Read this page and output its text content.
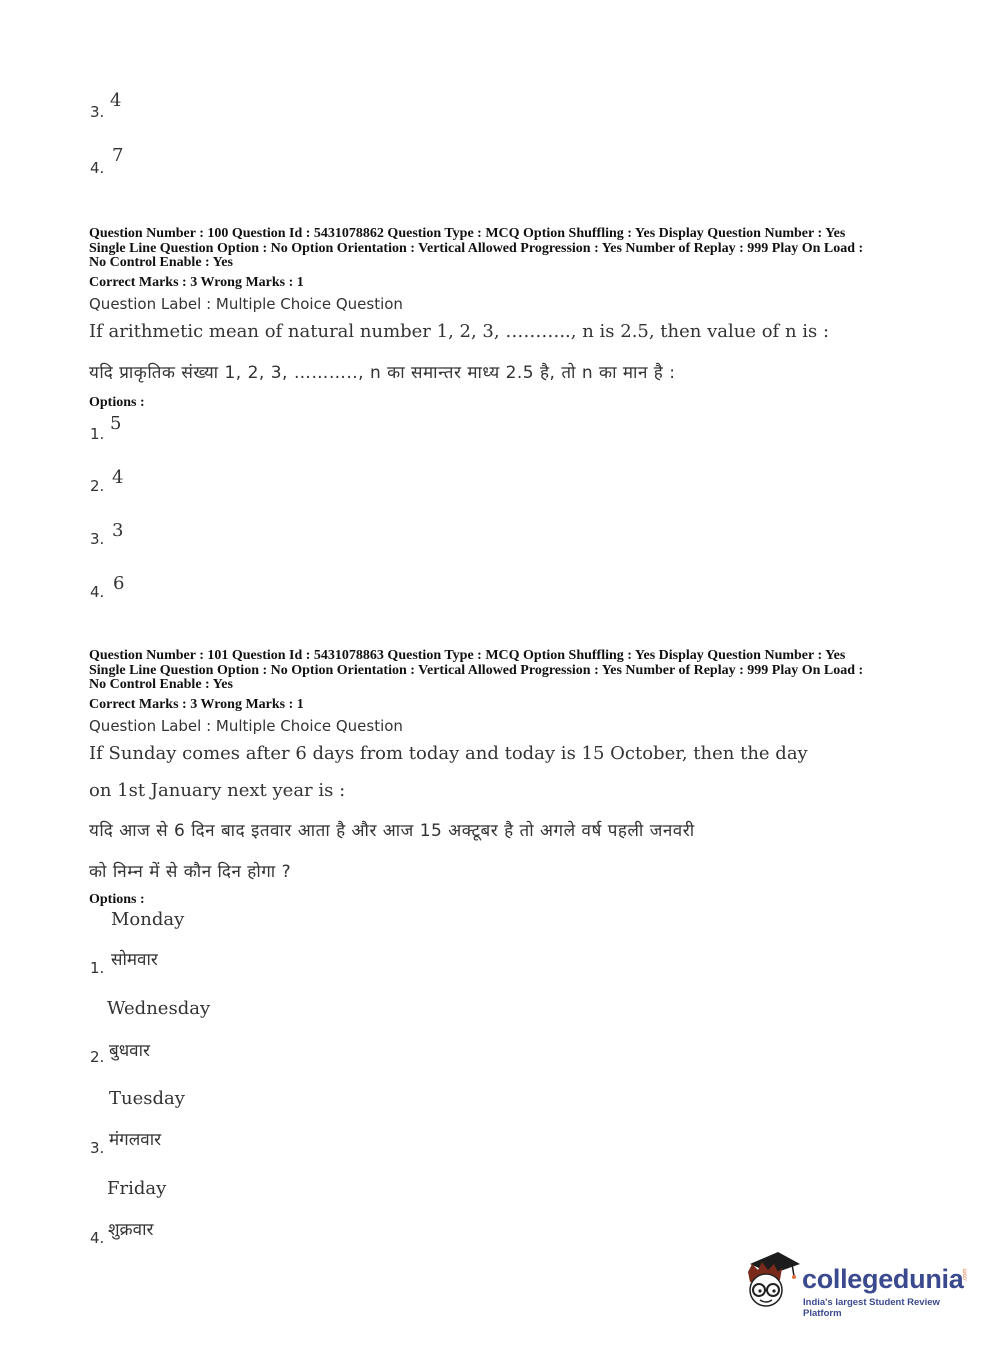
3.
4
4.
7
Question Number : 100 Question Id : 5431078862 Question Type : MCQ Option Shuffling : Yes Display Question Number : Yes
Single Line Question Option : No Option Orientation : Vertical Allowed Progression : Yes Number of Replay : 999 Play On Load :
No Control Enable : Yes
Correct Marks : 3 Wrong Marks : 1
Question Label : Multiple Choice Question
If arithmetic mean of natural number 1, 2, 3, ……….., n is 2.5, then value of n is :
यदि प्राकृतिक संख्या 1, 2, 3, ……….., n का समान्तर माध्य 2.5 है, तो n का मान है :
Options :
1. 5
2. 4
3. 3
4. 6
Question Number : 101 Question Id : 5431078863 Question Type : MCQ Option Shuffling : Yes Display Question Number : Yes
Single Line Question Option : No Option Orientation : Vertical Allowed Progression : Yes Number of Replay : 999 Play On Load :
No Control Enable : Yes
Correct Marks : 3 Wrong Marks : 1
Question Label : Multiple Choice Question
If Sunday comes after 6 days from today and today is 15 October, then the day
on 1st January next year is :
यदि आज से 6 दिन बाद इतवार आता है और आज 15 अक्टूबर है तो अगले वर्ष पहली जनवरी
को निम्न में से कौन दिन होगा ?
Options :
Monday
1. सोमवार
Wednesday
2. बुधवार
Tuesday
3. मंगलवार
Friday
4. शुक्रवार
collegedunia .com
India's largest Student Review Platform
